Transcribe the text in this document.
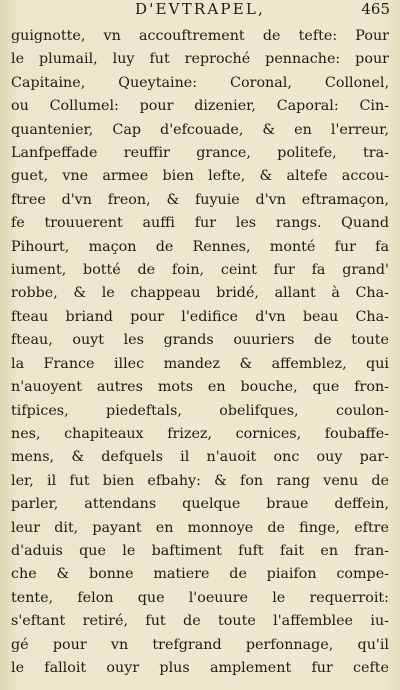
D'EVTRAPEL,	465
guignotte, vn accouftrement de tefte: Pour
le plumail, luy fut reproché pennache: pour
Capitaine, Queytaine: Coronal, Collonel,
ou Collumel: pour dizenier, Caporal: Cin-
quantenier, Cap d'efcouade, & en l'erreur,
Lanfpeffade reuffir grance, politefe, tra-
guet, vne armee bien lefte, & altefe accou-
ftree d'vn freon, & fuyuie d'vn eftramaçon,
fe trouuerent auffi fur les rangs. Quand
Pihourt, maçon de Rennes, monté fur fa
iument, botté de foin, ceint fur fa grand'
robbe, & le chappeau bridé, allant à Cha-
fteau briand pour l'edifice d'vn beau Cha-
fteau, ouyt les grands ouuriers de toute
la France illec mandez & affemblez, qui
n'auoyent autres mots en bouche, que fron-
tifpices, piedeftals, obelifques, coulon-
nes, chapiteaux frizez, cornices, foubaffe-
mens, & defquels il n'auoit onc ouy par-
ler, il fut bien efbahy: & fon rang venu de
parler, attendans quelque braue deffein,
leur dit, payant en monnoye de finge, eftre
d'aduis que le baftiment fuft fait en fran-
che & bonne matiere de piaifon compe-
tente, felon que l'oeuure le requerroit:
s'eftant retiré, fut de toute l'affemblee iu-
gé pour vn trefgrand perfonnage, qu'il
le falloit ouyr plus amplement fur cefte
